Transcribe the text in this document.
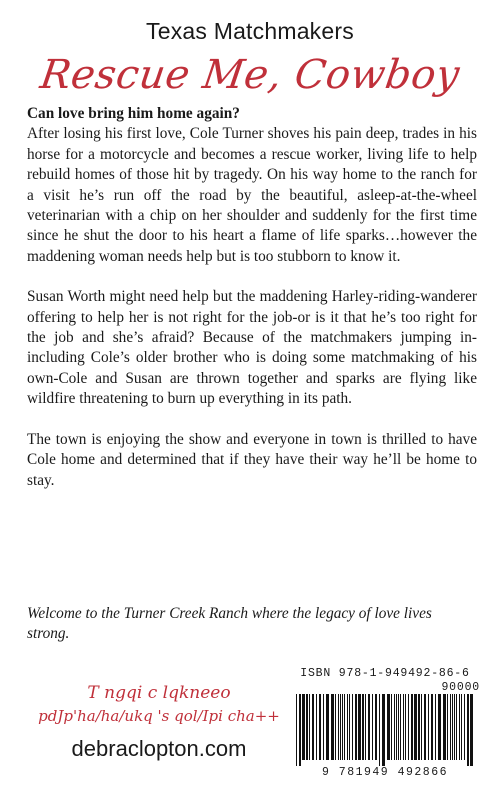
Texas Matchmakers
Rescue Me, Cowboy

Can love bring him home again?

After losing his first love, Cole Turner shoves his pain deep, trades in his horse for a motorcycle and becomes a rescue worker, living life to help rebuild homes of those hit by tragedy. On his way home to the ranch for a visit he’s run off the road by the beautiful, asleep-at-the-wheel veterinarian with a chip on her shoulder and suddenly for the first time since he shut the door to his heart a flame of life sparks…however the maddening woman needs help but is too stubborn to know it.

Susan Worth might need help but the maddening Harley-riding-wanderer offering to help her is not right for the job-or is it that he’s too right for the job and she’s afraid? Because of the matchmakers jumping in-including Cole’s older brother who is doing some matchmaking of his own-Cole and Susan are thrown together and sparks are flying like wildfire threatening to burn up everything in its path.

The town is enjoying the show and everyone in town is thrilled to have Cole home and determined that if they have their way he’ll be home to stay.

Welcome to the Turner Creek Ranch where the legacy of love lives strong.

T ngqi c lqkneeo
pdJp'ha/ha/ukq 's qol/Ipi cha++
debraclopton.com
ISBN 978-1-949492-86-6
90000
9 781949 492866
